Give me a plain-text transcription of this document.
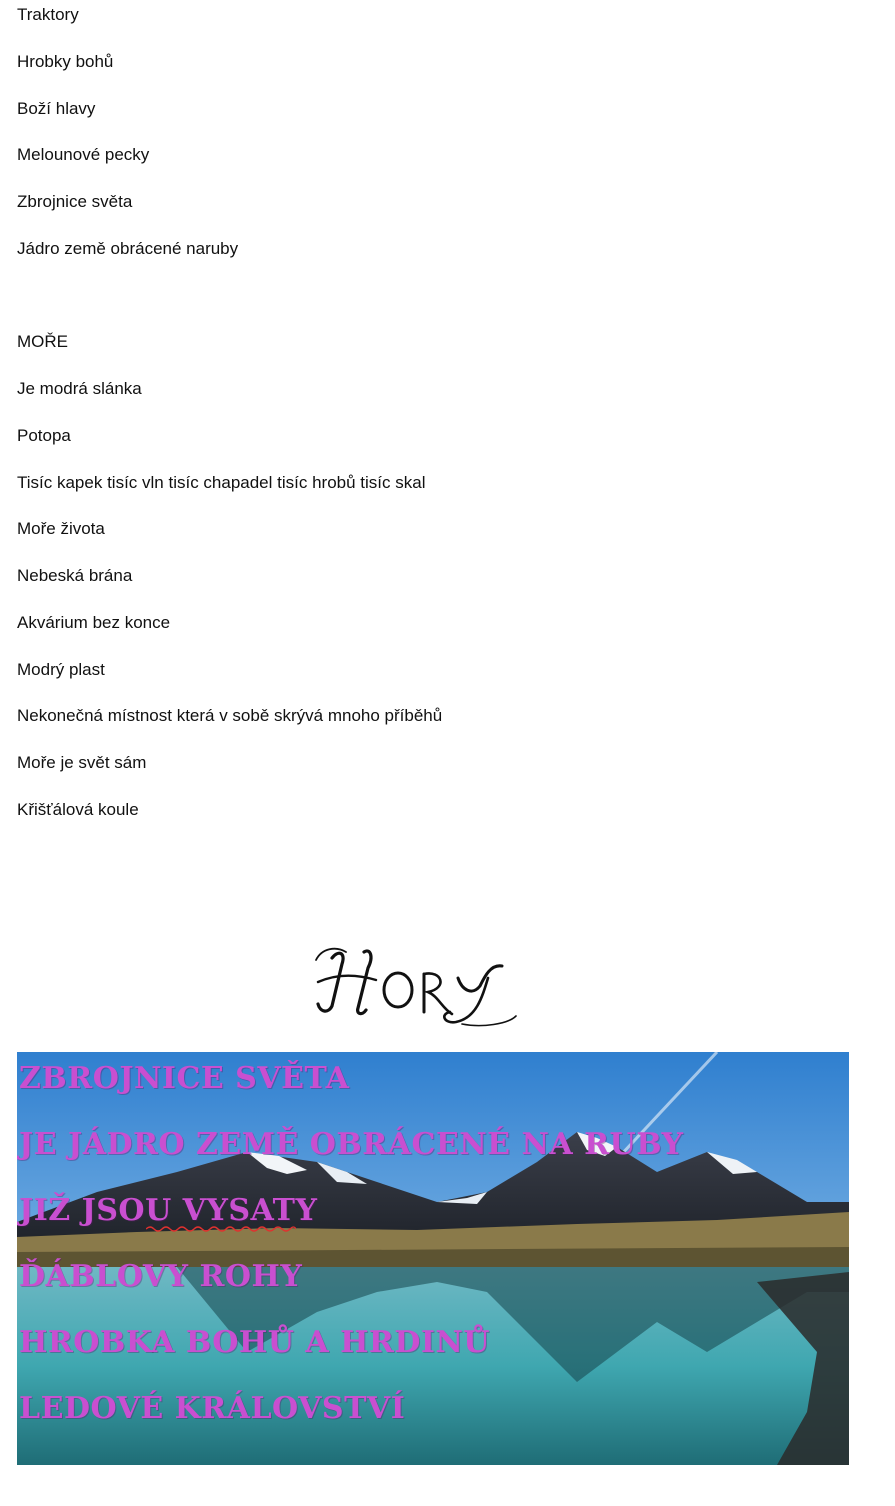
Traktory
Hrobky bohů
Boží hlavy
Melounové pecky
Zbrojnice světa
Jádro země obrácené naruby
MOŘE
Je modrá slánka
Potopa
Tisíc kapek tisíc vln tisíc chapadel tisíc hrobů tisíc skal
Moře života
Nebeská brána
Akvárium bez konce
Modrý plast
Nekonečná místnost která v sobě skrývá mnoho příběhů
Moře je svět sám
Křišťálová koule
ZBROJNICE SVĚTA
JE JÁDRO ZEMĚ OBRÁCENÉ NA RUBY
JIŽ JSOU VYSATY
ĎÁBLOVY ROHY
HROBKA BOHŮ A HRDINŮ
LEDOVÉ KRÁLOVSTVÍ
